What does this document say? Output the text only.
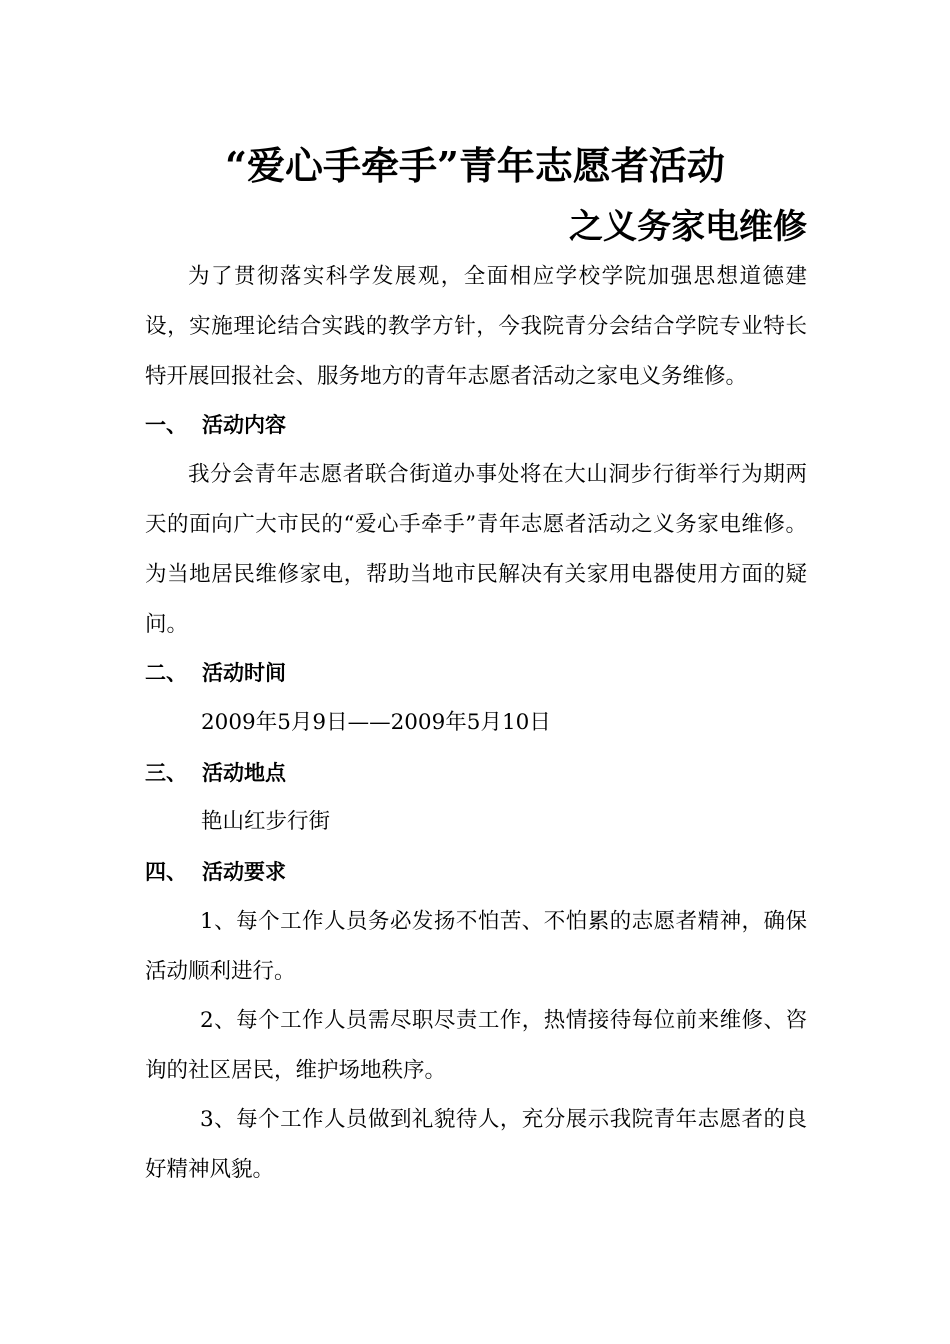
“爱心手牵手”青年志愿者活动
之义务家电维修

为了贯彻落实科学发展观，全面相应学校学院加强思想道德建设，实施理论结合实践的教学方针，今我院青分会结合学院专业特长特开展回报社会、服务地方的青年志愿者活动之家电义务维修。

一、 活动内容

我分会青年志愿者联合街道办事处将在大山洞步行街举行为期两天的面向广大市民的“爱心手牵手”青年志愿者活动之义务家电维修。为当地居民维修家电，帮助当地市民解决有关家用电器使用方面的疑问。

二、 活动时间
2009年5月9日——2009年5月10日
三、 活动地点
艳山红步行街
四、 活动要求

1、每个工作人员务必发扬不怕苦、不怕累的志愿者精神，确保活动顺利进行。

2、每个工作人员需尽职尽责工作，热情接待每位前来维修、咨询的社区居民，维护场地秩序。

3、每个工作人员做到礼貌待人，充分展示我院青年志愿者的良好精神风貌。
